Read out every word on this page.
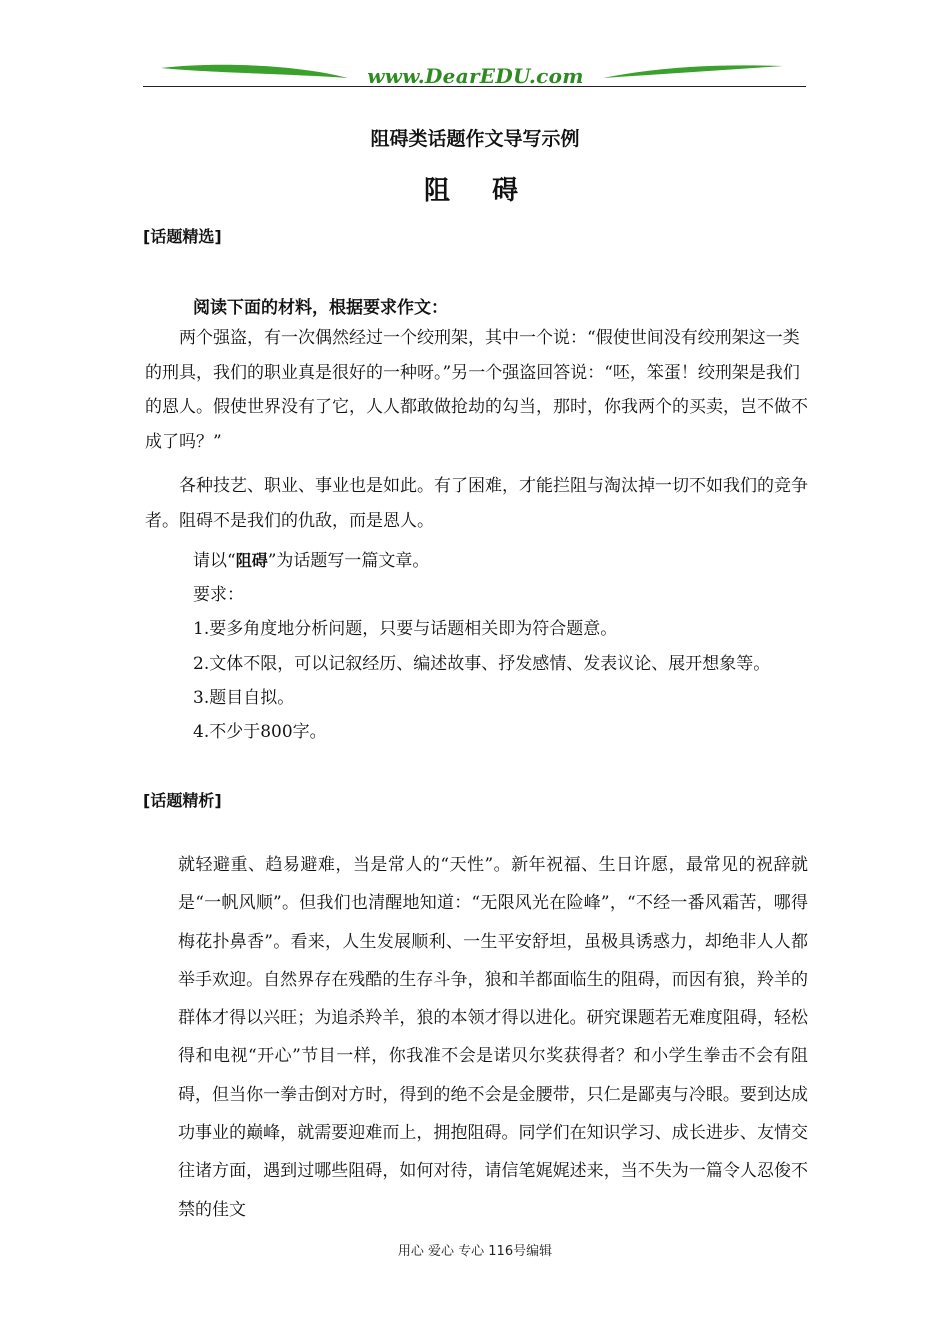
www.DearEDU.com
阻碍类话题作文导写示例
阻　碍
[话题精选]
阅读下面的材料，根据要求作文：

两个强盗，有一次偶然经过一个绞刑架，其中一个说：“假使世间没有绞刑架这一类的刑具，我们的职业真是很好的一种呀。”另一个强盗回答说：“呸，笨蛋！绞刑架是我们的恩人。假使世界没有了它，人人都敢做抢劫的勾当，那时，你我两个的买卖，岂不做不成了吗？”

各种技艺、职业、事业也是如此。有了困难，才能拦阻与淘汰掉一切不如我们的竞争者。阻碍不是我们的仇敌，而是恩人。

请以“阻碍”为话题写一篇文章。
要求：
1.要多角度地分析问题，只要与话题相关即为符合题意。
2.文体不限，可以记叙经历、编述故事、抒发感情、发表议论、展开想象等。
3.题目自拟。
4.不少于800字。
[话题精析]

就轻避重、趋易避难，当是常人的“天性”。新年祝福、生日许愿，最常见的祝辞就是“一帆风顺”。但我们也清醒地知道：“无限风光在险峰”，“不经一番风霜苦，哪得梅花扑鼻香”。看来，人生发展顺利、一生平安舒坦，虽极具诱惑力，却绝非人人都举手欢迎。自然界存在残酷的生存斗争，狼和羊都面临生的阻碍，而因有狼，羚羊的群体才得以兴旺；为追杀羚羊，狼的本领才得以进化。研究课题若无难度阻碍，轻松得和电视“开心”节目一样，你我准不会是诺贝尔奖获得者？和小学生拳击不会有阻碍，但当你一拳击倒对方时，得到的绝不会是金腰带，只仁是鄙夷与冷眼。要到达成功事业的巅峰，就需要迎难而上，拥抱阻碍。同学们在知识学习、成长进步、友情交往诸方面，遇到过哪些阻碍，如何对待，请信笔娓娓述来，当不失为一篇令人忍俊不禁的佳文

用心 爱心 专心 116号编辑
